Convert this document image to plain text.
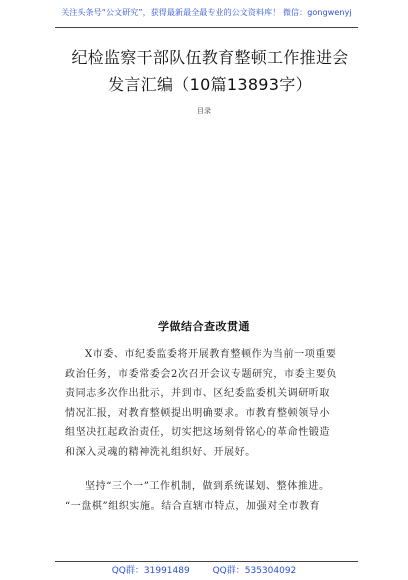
关注头条号“公文研究”，获得最新最全最专业的公文资料库！ 微信：gongwenyj
纪检监察干部队伍教育整顿工作推进会发言汇编（10篇13893字）
目录
学做结合查改贯通
X市委、市纪委监委将开展教育整顿作为当前一项重要
政治任务，市委常委会2次召开会议专题研究，市委主要负
责同志多次作出批示，并到市、区纪委监委机关调研听取
情况汇报，对教育整顿提出明确要求。市教育整顿领导小
组坚决扛起政治责任，切实把这场刻骨铭心的革命性锻造
和深入灵魂的精神洗礼组织好、开展好。
坚持“三个一”工作机制，做到系统谋划、整体推进。
“一盘棋”组织实施。结合直辖市特点，加强对全市教育
QQ群：31991489	QQ群：535304092
